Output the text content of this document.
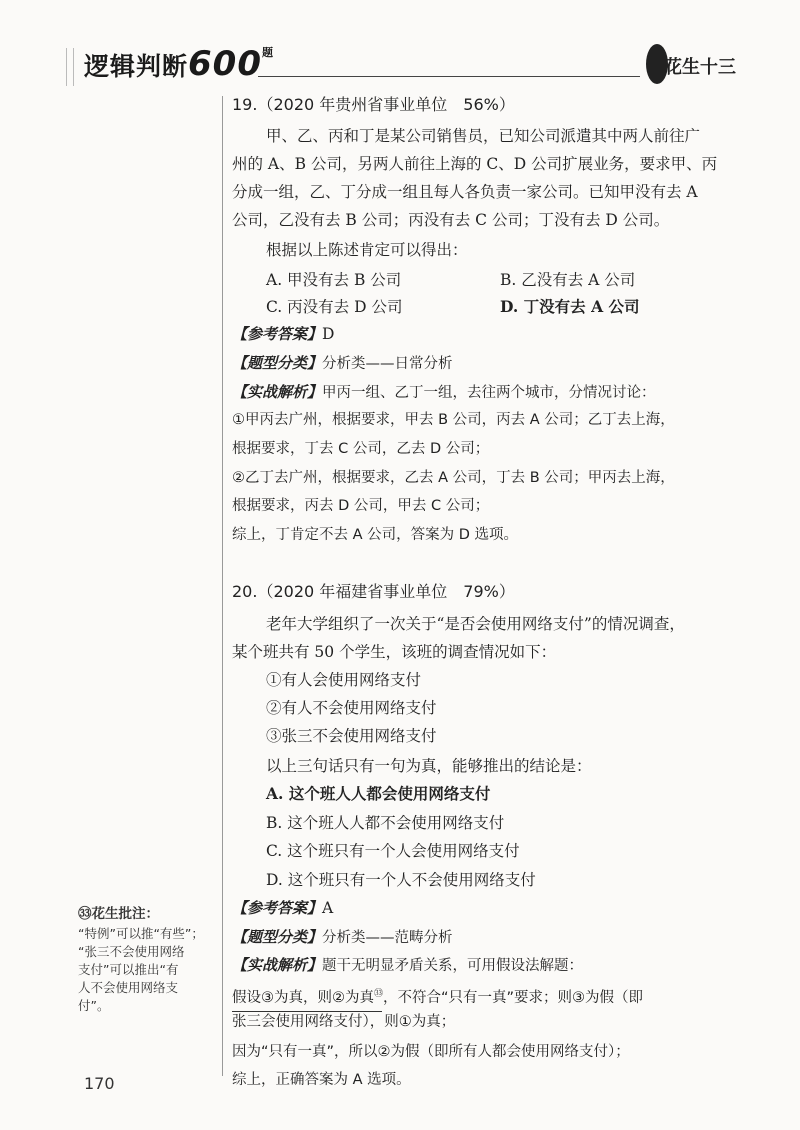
逻辑判断$600^题$
花生十三
19.（2020 年贵州省事业单位　56%）
甲、乙、丙和丁是某公司销售员，已知公司派遣其中两人前往广
州的 A、B 公司，另两人前往上海的 C、D 公司扩展业务，要求甲、丙
分成一组，乙、丁分成一组且每人各负责一家公司。已知甲没有去 A
公司，乙没有去 B 公司；丙没有去 C 公司；丁没有去 D 公司。
根据以上陈述肯定可以得出：
A. 甲没有去 B 公司	B. 乙没有去 A 公司
C. 丙没有去 D 公司	D. 丁没有去 A 公司
【参考答案】D
【题型分类】分析类——日常分析
【实战解析】甲丙一组、乙丁一组，去往两个城市，分情况讨论：
①甲丙去广州，根据要求，甲去 B 公司，丙去 A 公司；乙丁去上海，
根据要求，丁去 C 公司，乙去 D 公司；
②乙丁去广州，根据要求，乙去 A 公司，丁去 B 公司；甲丙去上海，
根据要求，丙去 D 公司，甲去 C 公司；
综上，丁肯定不去 A 公司，答案为 D 选项。
20.（2020 年福建省事业单位　79%）
老年大学组织了一次关于“是否会使用网络支付”的情况调查，
某个班共有 50 个学生，该班的调查情况如下：
①有人会使用网络支付
②有人不会使用网络支付
③张三不会使用网络支付
以上三句话只有一句为真，能够推出的结论是：
A. 这个班人人都会使用网络支付
B. 这个班人人都不会使用网络支付
C. 这个班只有一个人会使用网络支付
D. 这个班只有一个人不会使用网络支付
【参考答案】A
【题型分类】分析类——范畴分析
【实战解析】题干无明显矛盾关系，可用假设法解题：
假设③为真，则②为真$^㉝$，不符合“只有一真”要求；则③为假（即
张三会使用网络支付），则①为真；
因为“只有一真”，所以②为假（即所有人都会使用网络支付）；
综上，正确答案为 A 选项。
㉝花生批注：
“特例”可以推“有些”；
“张三不会使用网络
支付”可以推出“有
人不会使用网络支
付”。
170
